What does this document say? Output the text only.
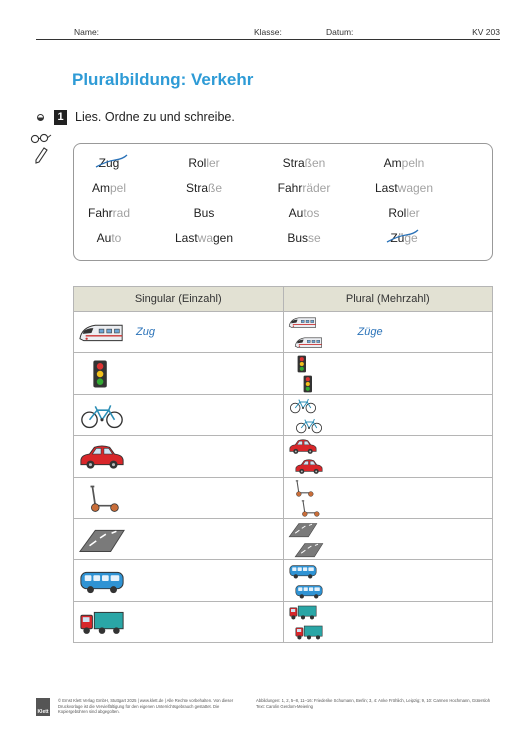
Name:	Klasse:	Datum:	KV 203
Pluralbildung: Verkehr
1 Lies. Ordne zu und schreibe.
Zug	Roller	Straßen	Ampeln
Ampel	Straße	Fahrräder	Lastwagen
Fahrrad	Bus	Autos	Roller
Auto	Lastwagen	Busse	Züge
Singular (Einzahl)	Plural (Mehrzahl)

Zug	Züge

Klett
© Ernst Klett Verlag GmbH, Stuttgart 2025 | www.klett.de | Alle Rechte vorbehalten. Von dieser Druckvorlage ist die Vervielfältigung für den eigenen Unterrichtsgebrauch gestattet. Die Kopiergebühren sind abgegolten.
Abbildungen: 1, 2, 5–8, 11–16: Friederike Schumann, Berlin; 3, 4: Anke Fröhlich, Leipzig; 9, 10: Carmen Hochmann, Gütersloh
Text: Carolin Gerdom-Meiering
